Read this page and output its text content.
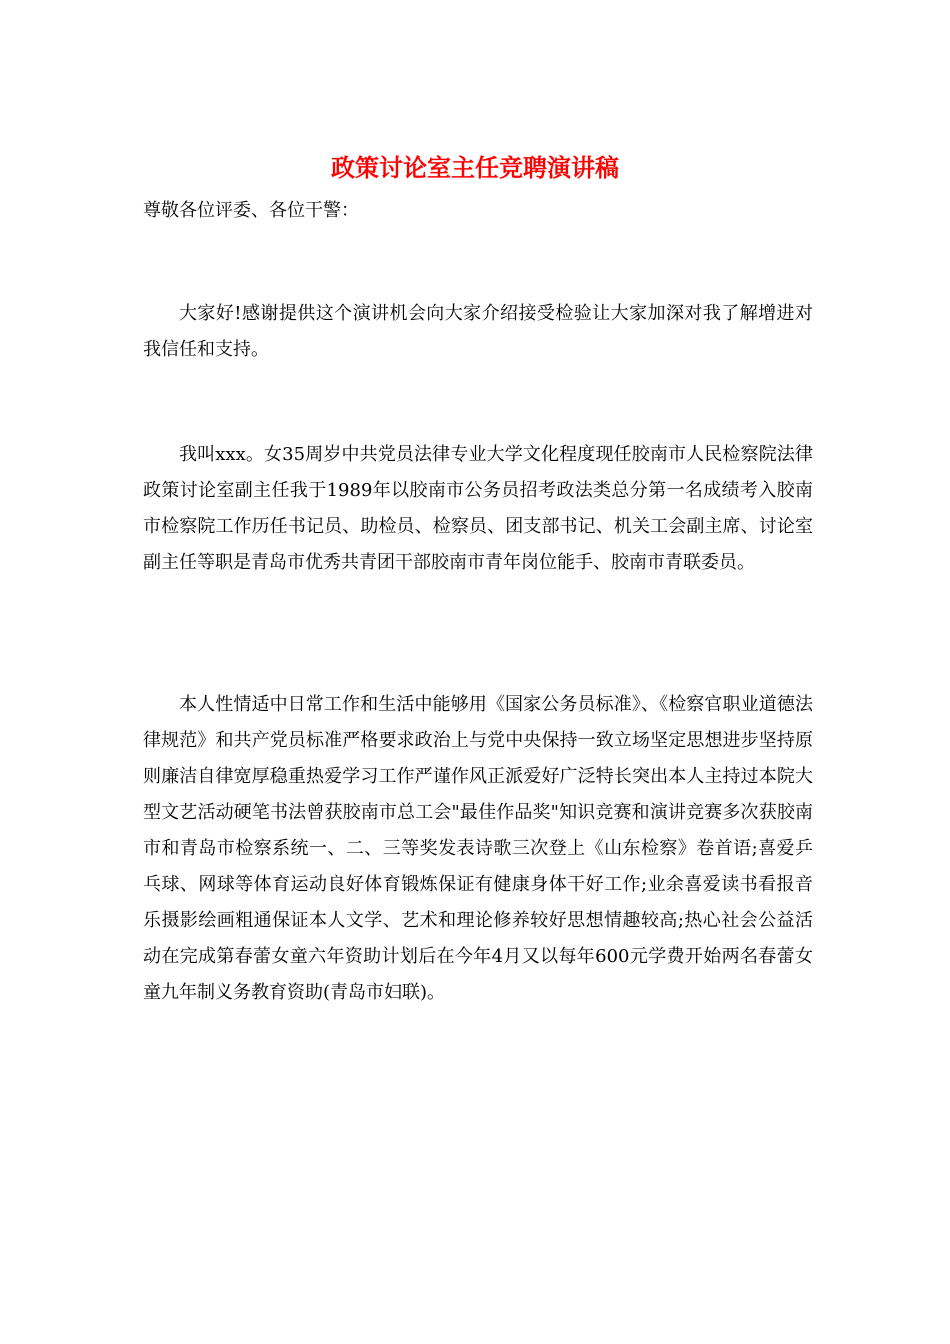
政策讨论室主任竞聘演讲稿

尊敬各位评委、各位干警：

大家好!感谢提供这个演讲机会向大家介绍接受检验让大家加深对我了解增进对我信任和支持。

我叫xxx。女35周岁中共党员法律专业大学文化程度现任胶南市人民检察院法律政策讨论室副主任我于1989年以胶南市公务员招考政法类总分第一名成绩考入胶南市检察院工作历任书记员、助检员、检察员、团支部书记、机关工会副主席、讨论室副主任等职是青岛市优秀共青团干部胶南市青年岗位能手、胶南市青联委员。

本人性情适中日常工作和生活中能够用《国家公务员标准》、《检察官职业道德法律规范》和共产党员标准严格要求政治上与党中央保持一致立场坚定思想进步坚持原则廉洁自律宽厚稳重热爱学习工作严谨作风正派爱好广泛特长突出本人主持过本院大型文艺活动硬笔书法曾获胶南市总工会"最佳作品奖"知识竞赛和演讲竞赛多次获胶南市和青岛市检察系统一、二、三等奖发表诗歌三次登上《山东检察》卷首语;喜爱乒乓球、网球等体育运动良好体育锻炼保证有健康身体干好工作;业余喜爱读书看报音乐摄影绘画粗通保证本人文学、艺术和理论修养较好思想情趣较高;热心社会公益活动在完成第春蕾女童六年资助计划后在今年4月又以每年600元学费开始两名春蕾女童九年制义务教育资助(青岛市妇联)。
